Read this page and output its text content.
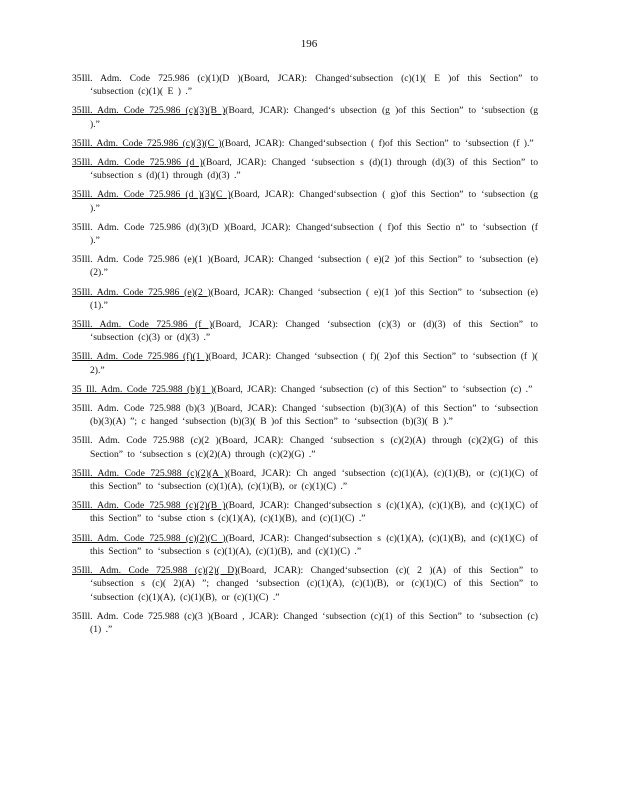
196

35Ill. Adm. Code 725.986 (c)(1)(D )(Board, JCAR): Changed‘subsection (c)(1)( E )of this Section” to ‘subsection (c)(1)( E ) .”

35Ill. Adm. Code 725.986 (c)(3)(B )(Board, JCAR): Changed‘s ubsection (g )of this Section” to ‘subsection (g ).”

35Ill. Adm. Code 725.986 (c)(3)(C )(Board, JCAR): Changed‘subsection ( f)of this Section” to ‘subsection (f ).”

35Ill. Adm. Code 725.986 (d )(Board, JCAR): Changed ‘subsection s (d)(1) through (d)(3) of this Section” to ‘subsection s (d)(1) through (d)(3) .”

35Ill. Adm. Code 725.986 (d )(3)(C )(Board, JCAR): Changed‘subsection ( g)of this Section” to ‘subsection (g ).”

35Ill. Adm. Code 725.986 (d)(3)(D )(Board, JCAR): Changed‘subsection ( f)of this Sectio n” to ‘subsection (f ).”

35Ill. Adm. Code 725.986 (e)(1 )(Board, JCAR): Changed ‘subsection ( e)(2 )of this Section” to ‘subsection (e)(2).”

35Ill. Adm. Code 725.986 (e)(2 )(Board, JCAR): Changed ‘subsection ( e)(1 )of this Section” to ‘subsection (e)(1).”

35Ill. Adm. Code 725.986 (f )(Board, JCAR): Changed ‘subsection (c)(3) or (d)(3) of this Section” to ‘subsection (c)(3) or (d)(3) .”

35Ill. Adm. Code 725.986 (f)(1 )(Board, JCAR): Changed ‘subsection ( f)( 2)of this Section” to ‘subsection (f )( 2).”

35 Ill. Adm. Code 725.988 (b)(1 )(Board, JCAR): Changed ‘subsection (c) of this Section” to ‘subsection (c) .”

35Ill. Adm. Code 725.988 (b)(3 )(Board, JCAR): Changed ‘subsection (b)(3)(A) of this Section” to ‘subsection (b)(3)(A) ”; c hanged ‘subsection (b)(3)( B )of this Section” to ‘subsection (b)(3)( B ).”

35Ill. Adm. Code 725.988 (c)(2 )(Board, JCAR): Changed ‘subsection s (c)(2)(A) through (c)(2)(G) of this Section” to ‘subsection s (c)(2)(A) through (c)(2)(G) .”

35Ill. Adm. Code 725.988 (c)(2)(A )(Board, JCAR): Ch anged ‘subsection (c)(1)(A), (c)(1)(B), or (c)(1)(C) of this Section” to ‘subsection (c)(1)(A), (c)(1)(B), or (c)(1)(C) .”

35Ill. Adm. Code 725.988 (c)(2)(B )(Board, JCAR): Changed‘subsection s (c)(1)(A), (c)(1)(B), and (c)(1)(C) of this Section” to ‘subse ction s (c)(1)(A), (c)(1)(B), and (c)(1)(C) .”

35Ill. Adm. Code 725.988 (c)(2)(C )(Board, JCAR): Changed‘subsection s (c)(1)(A), (c)(1)(B), and (c)(1)(C) of this Section” to ‘subsection s (c)(1)(A), (c)(1)(B), and (c)(1)(C) .”

35Ill. Adm. Code 725.988 (c)(2)( D)(Board, JCAR): Changed‘subsection (c)( 2 )(A) of this Section” to ‘subsection s (c)( 2)(A) ”; changed ‘subsection (c)(1)(A), (c)(1)(B), or (c)(1)(C) of this Section” to ‘subsection (c)(1)(A), (c)(1)(B), or (c)(1)(C) .”

35Ill. Adm. Code 725.988 (c)(3 )(Board , JCAR): Changed ‘subsection (c)(1) of this Section” to ‘subsection (c)(1) .”
